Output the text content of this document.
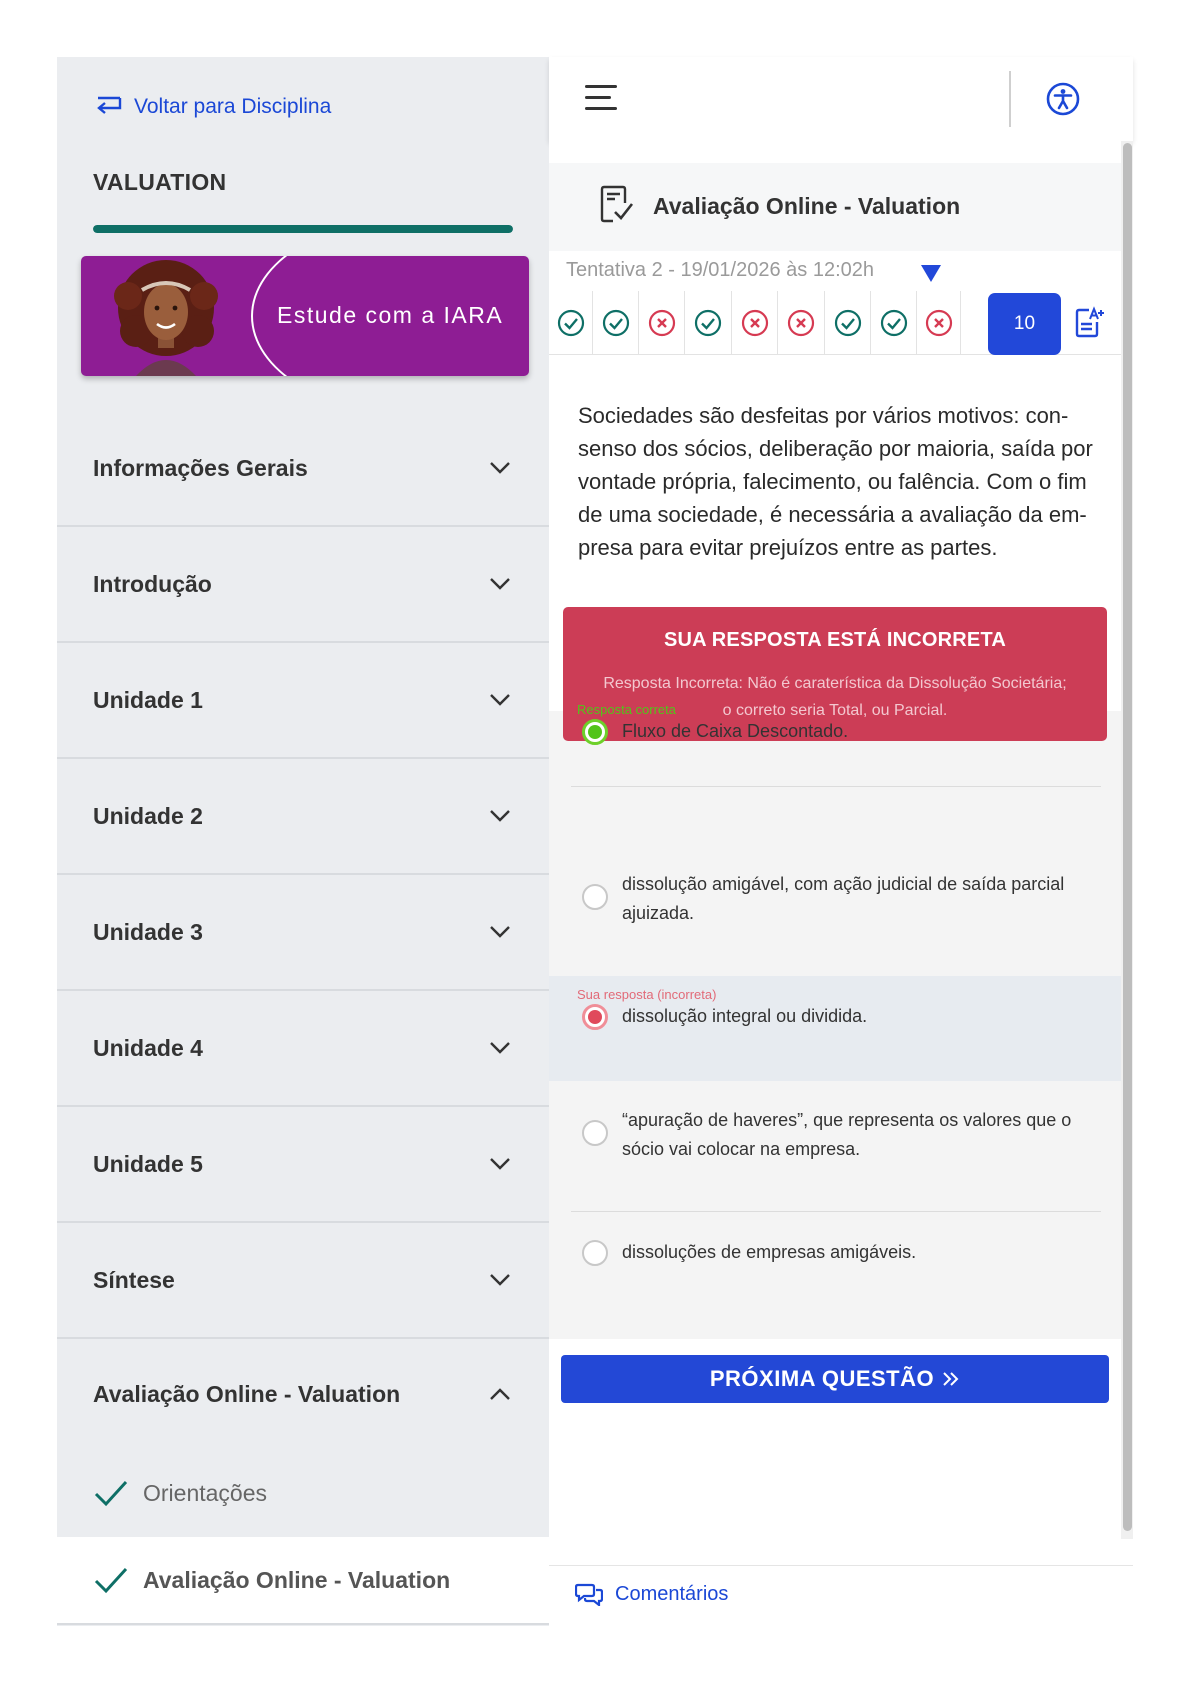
Voltar para Disciplina
VALUATION
Estude com a IARA
Informações Gerais
Introdução
Unidade 1
Unidade 2
Unidade 3
Unidade 4
Unidade 5
Síntese
Avaliação Online - Valuation
Orientações
Avaliação Online - Valuation
Avaliação Online - Valuation
Tentativa 2 - 19/01/2026 às 12:02h
10
Sociedades são desfeitas por vários motivos: con-senso dos sócios, deliberação por maioria, saída por vontade própria, falecimento, ou falência. Com o fim de uma sociedade, é necessária a avaliação da em-presa para evitar prejuízos entre as partes.
SUA RESPOSTA ESTÁ INCORRETA
Resposta Incorreta: Não é caraterística da Dissolução Societária; o correto seria Total, ou Parcial.
Resposta correta
Fluxo de Caixa Descontado.
dissolução amigável, com ação judicial de saída parcial ajuizada.
Sua resposta (incorreta)
dissolução integral ou dividida.
“apuração de haveres”, que representa os valores que o sócio vai colocar na empresa.
dissoluções de empresas amigáveis.
PRÓXIMA QUESTÃO
Comentários
